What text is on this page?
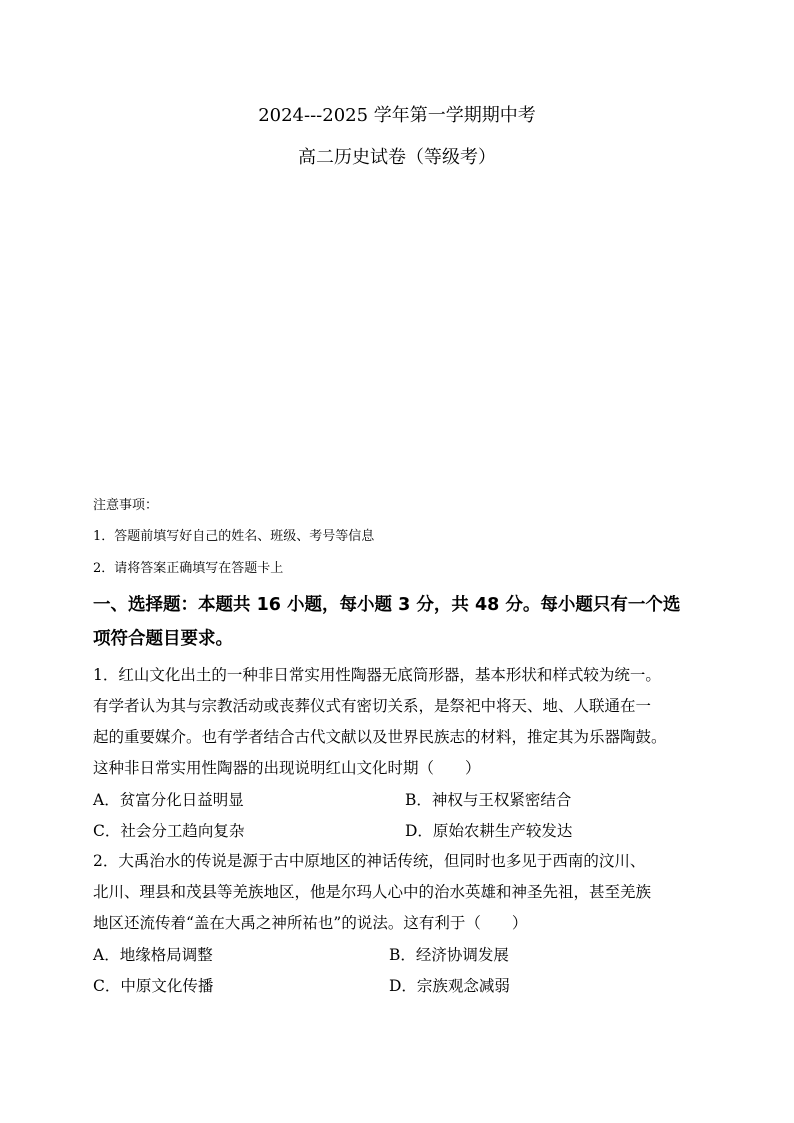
2024---2025 学年第一学期期中考
高二历史试卷（等级考）
注意事项：
1．答题前填写好自己的姓名、班级、考号等信息
2．请将答案正确填写在答题卡上
一、选择题：本题共 16 小题，每小题 3 分，共 48 分。每小题只有一个选
项符合题目要求。
1．红山文化出土的一种非日常实用性陶器无底筒形器，基本形状和样式较为统一。
有学者认为其与宗教活动或丧葬仪式有密切关系，是祭祀中将天、地、人联通在一
起的重要媒介。也有学者结合古代文献以及世界民族志的材料，推定其为乐器陶鼓。
这种非日常实用性陶器的出现说明红山文化时期（　　）
A．贫富分化日益明显	B．神权与王权紧密结合
C．社会分工趋向复杂	D．原始农耕生产较发达
2．大禹治水的传说是源于古中原地区的神话传统，但同时也多见于西南的汶川、
北川、理县和茂县等羌族地区，他是尔玛人心中的治水英雄和神圣先祖，甚至羌族
地区还流传着“盖在大禹之神所祐也”的说法。这有利于（　　）
A．地缘格局调整	B．经济协调发展
C．中原文化传播	D．宗族观念减弱
